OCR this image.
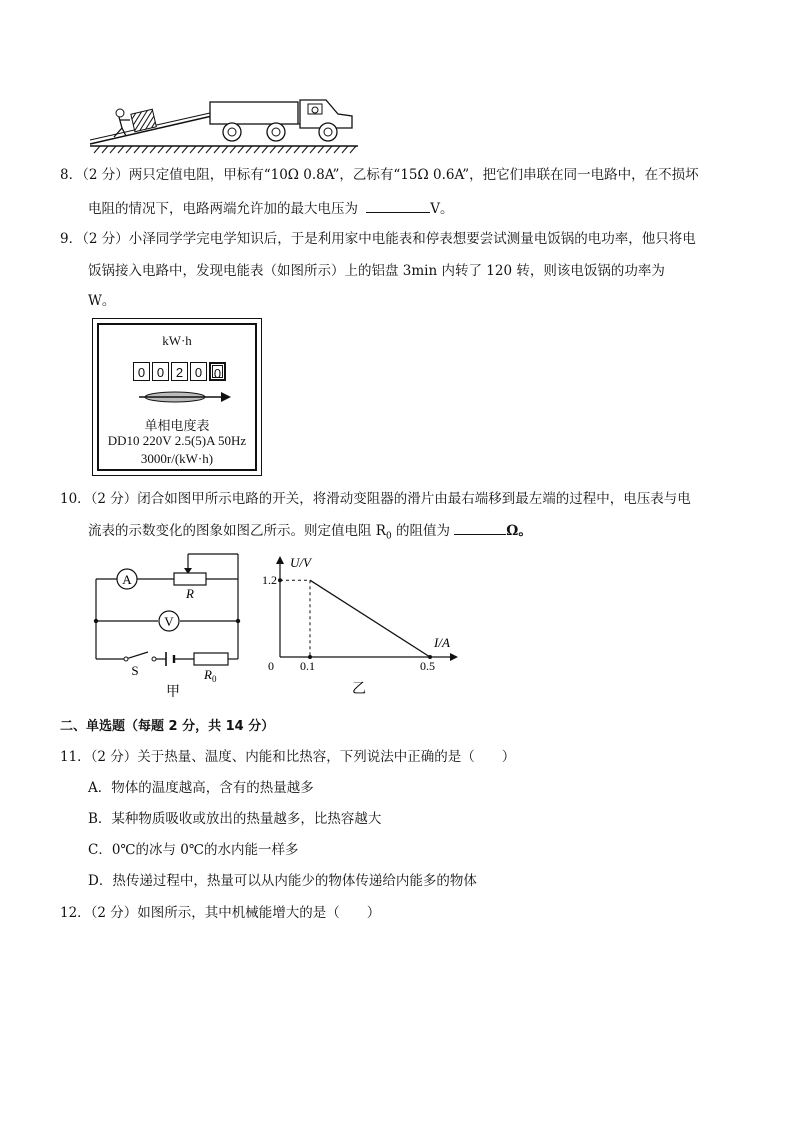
8．（2 分）两只定值电阻，甲标有“10Ω 0.8A”，乙标有“15Ω 0.6A”，把它们串联在同一电路中，在不损坏
电阻的情况下，电路两端允许加的最大电压为	V。
9．（2 分）小泽同学学完电学知识后，于是利用家中电能表和停表想要尝试测量电饭锅的电功率，他只将电
饭锅接入电路中，发现电能表（如图所示）上的铝盘 3min 内转了 120 转，则该电饭锅的功率为
W。
kW·h
0 0 2 0 0
单相电度表
DD10 220V 2.5(5)A 50Hz
3000r/(kW·h)
10．（2 分）闭合如图甲所示电路的开关，将滑动变阻器的滑片由最右端移到最左端的过程中，电压表与电
流表的示数变化的图象如图乙所示。则定值电阻 $R_0$ 的阻值为	Ω。
A
R
V
$R_0$
S
甲
U/V
I/A
0
1.2
0.1	0.5
乙
二、单选题（每题 2 分，共 14 分）
11．（2 分）关于热量、温度、内能和比热容，下列说法中正确的是（　　）
A．物体的温度越高，含有的热量越多
B．某种物质吸收或放出的热量越多，比热容越大
C．0℃的冰与 0℃的水内能一样多
D．热传递过程中，热量可以从内能少的物体传递给内能多的物体
12．（2 分）如图所示，其中机械能增大的是（　　）
